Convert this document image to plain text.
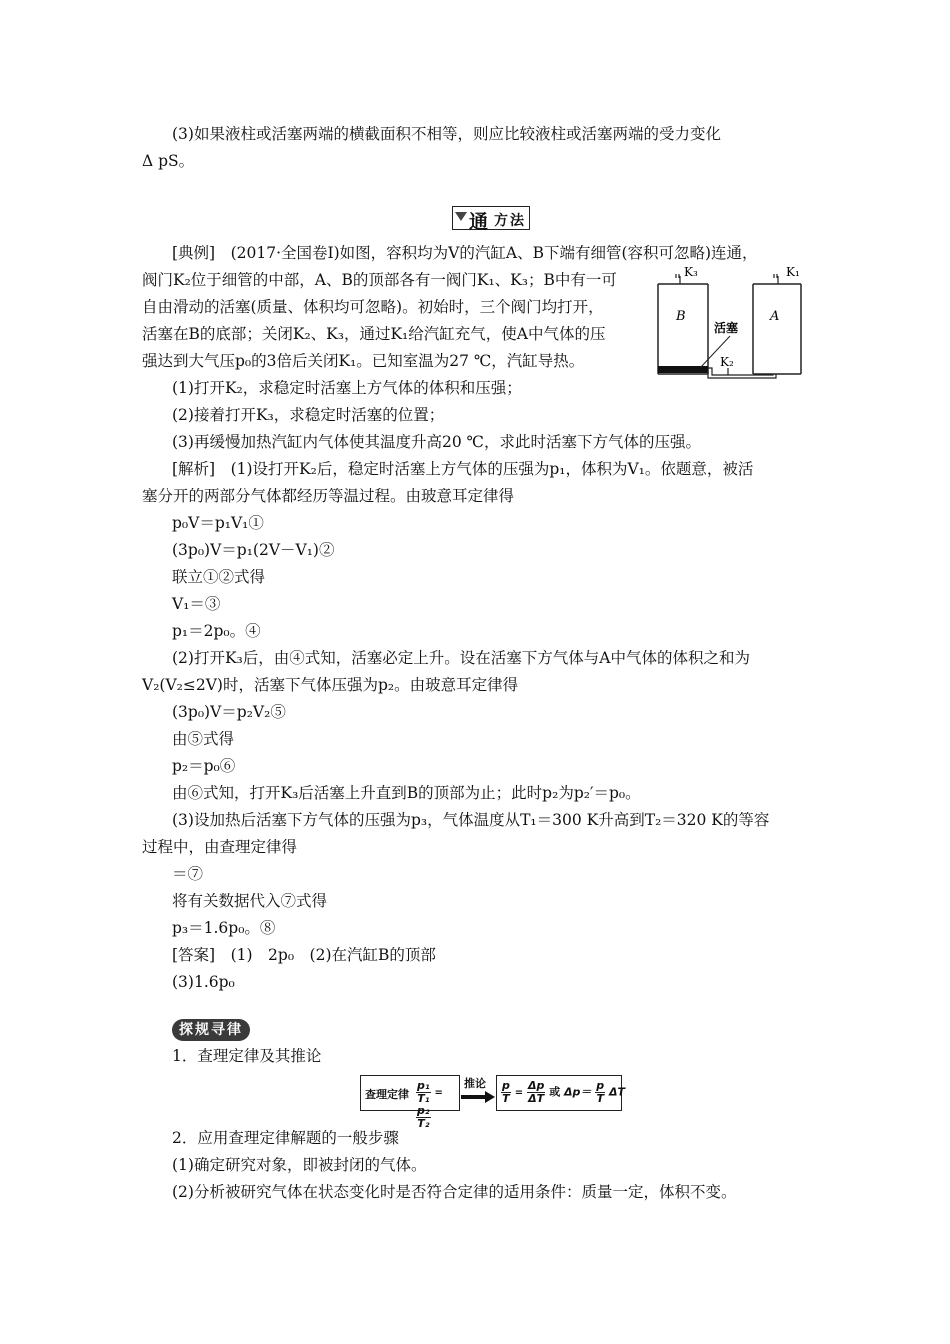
(3)如果液柱或活塞两端的横截面积不相等，则应比较液柱或活塞两端的受力变化
Δ pS。
[典例]　(2017·全国卷Ⅰ)如图，容积均为V的汽缸A、B下端有细管(容积可忽略)连通，
阀门K₂位于细管的中部，A、B的顶部各有一阀门K₁、K₃；B中有一可
自由滑动的活塞(质量、体积均可忽略)。初始时，三个阀门均打开，
活塞在B的底部；关闭K₂、K₃，通过K₁给汽缸充气，使A中气体的压
强达到大气压p₀的3倍后关闭K₁。已知室温为27 ℃，汽缸导热。
(1)打开K₂，求稳定时活塞上方气体的体积和压强；
(2)接着打开K₃，求稳定时活塞的位置；
(3)再缓慢加热汽缸内气体使其温度升高20 ℃，求此时活塞下方气体的压强。
[解析]　(1)设打开K₂后，稳定时活塞上方气体的压强为p₁，体积为V₁。依题意，被活
塞分开的两部分气体都经历等温过程。由玻意耳定律得
p₀V＝p₁V₁①
(3p₀)V＝p₁(2V－V₁)②
联立①②式得
V₁＝③
p₁＝2p₀。④
(2)打开K₃后，由④式知，活塞必定上升。设在活塞下方气体与A中气体的体积之和为
V₂(V₂≤2V)时，活塞下气体压强为p₂。由玻意耳定律得
(3p₀)V＝p₂V₂⑤
由⑤式得
p₂＝p₀⑥
由⑥式知，打开K₃后活塞上升直到B的顶部为止；此时p₂为p₂′＝p₀。
(3)设加热后活塞下方气体的压强为p₃，气体温度从T₁＝300 K升高到T₂＝320 K的等容
过程中，由查理定律得
＝⑦
将有关数据代入⑦式得
p₃＝1.6p₀。⑧
[答案]　(1)　2p₀　(2)在汽缸B的顶部
(3)1.6p₀
1．查理定律及其推论
2．应用查理定律解题的一般步骤
(1)确定研究对象，即被封闭的气体。
(2)分析被研究气体在状态变化时是否符合定律的适用条件：质量一定，体积不变。
通 方法
K₃
B
K₁
A
活塞
K₂
探规寻律
查理定律 $\frac{\text{p₁}}{\text{T₁}}$ =
$\frac{\text{p₂}}{\text{T₂}}$
推论 $\frac{p}{T} = \frac{\Delta p}{\Delta T}$ 或 $\Delta p= \frac{p}{T}$ ΔT
